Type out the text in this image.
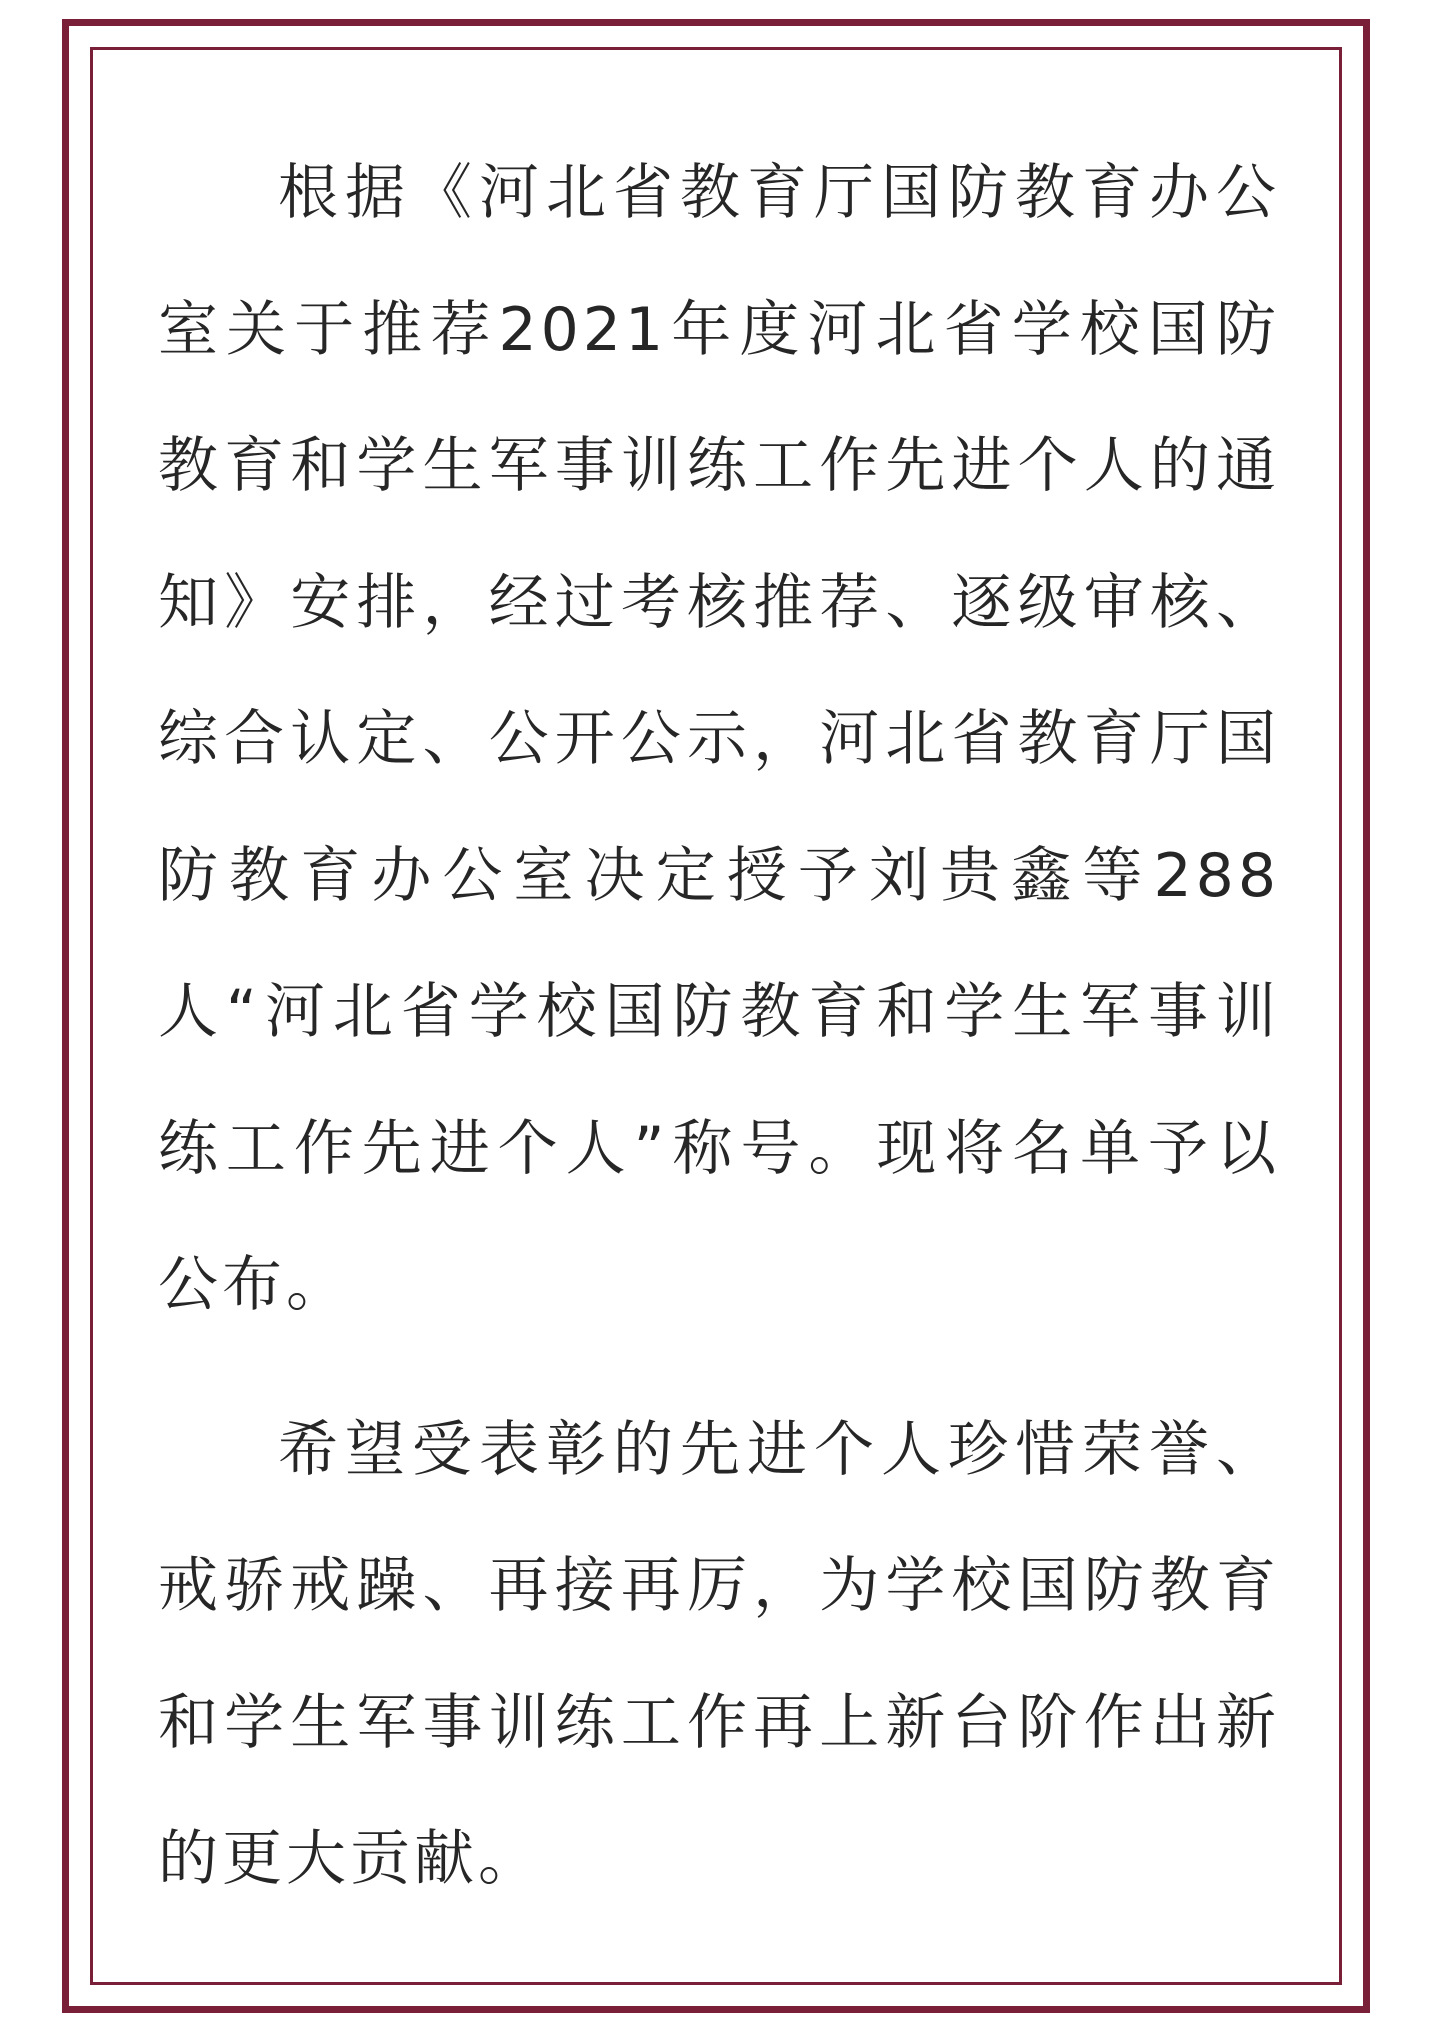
根据《河北省教育厅国防教育办公室关于推荐2021年度河北省学校国防教育和学生军事训练工作先进个人的通知》安排，经过考核推荐、逐级审核、综合认定、公开公示，河北省教育厅国防教育办公室决定授予刘贵鑫等288人“河北省学校国防教育和学生军事训练工作先进个人”称号。现将名单予以公布。

希望受表彰的先进个人珍惜荣誉、戒骄戒躁、再接再厉，为学校国防教育和学生军事训练工作再上新台阶作出新的更大贡献。
